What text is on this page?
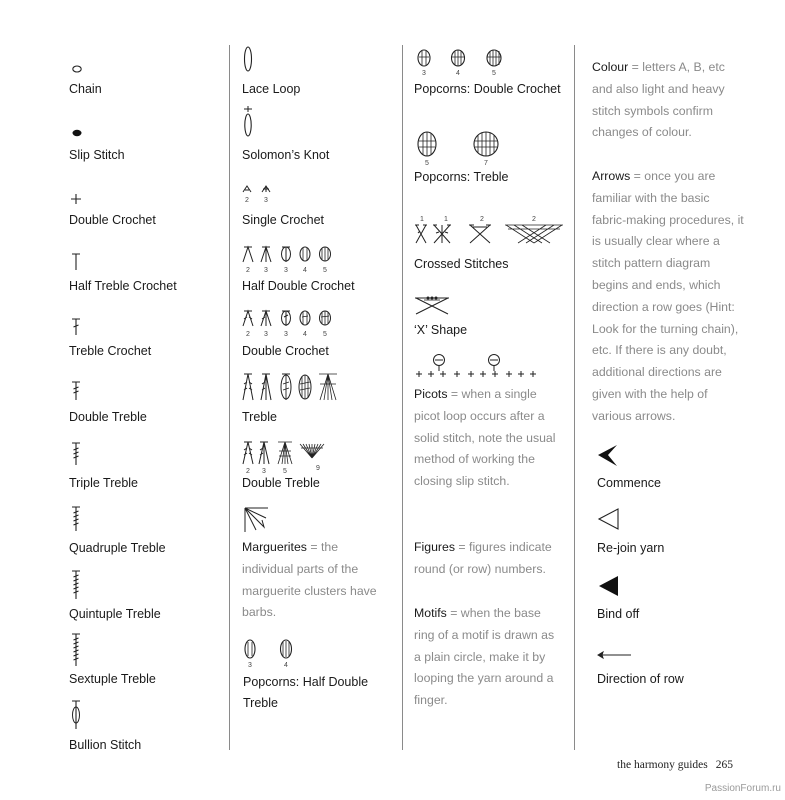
Chain
Slip Stitch
Double Crochet
Half Treble Crochet
Treble Crochet
Double Treble
Triple Treble
Quadruple Treble
Quintuple Treble
Sextuple Treble
Bullion Stitch
Lace Loop
Solomon’s Knot
2 3
Single Crochet
2 3 3 4 5
Half Double Crochet
2 3 3 4 5
Double Crochet
Treble
2 3 5	9
Double Treble
Marguerites = the individual parts of the marguerite clusters have barbs.
3	4
Popcorns: Half Double Treble
3	4	5
Popcorns: Double Crochet
5	7
Popcorns: Treble
1	1	2	2
Crossed Stitches
‘X’ Shape
Picots = when a single picot loop occurs after a solid stitch, note the usual method of working the closing slip stitch.
Figures = figures indicate round (or row) numbers.
Motifs = when the base ring of a motif is drawn as a plain circle, make it by looping the yarn around a finger.
Colour = letters A, B, etc and also light and heavy stitch symbols confirm changes of colour.
Arrows = once you are familiar with the basic fabric-making procedures, it is usually clear where a stitch pattern diagram begins and ends, which direction a row goes (Hint: Look for the turning chain), etc. If there is any doubt, additional directions are given with the help of various arrows.
Commence
Re-join yarn
Bind off
Direction of row
the harmony guides 265
PassionForum.ru
